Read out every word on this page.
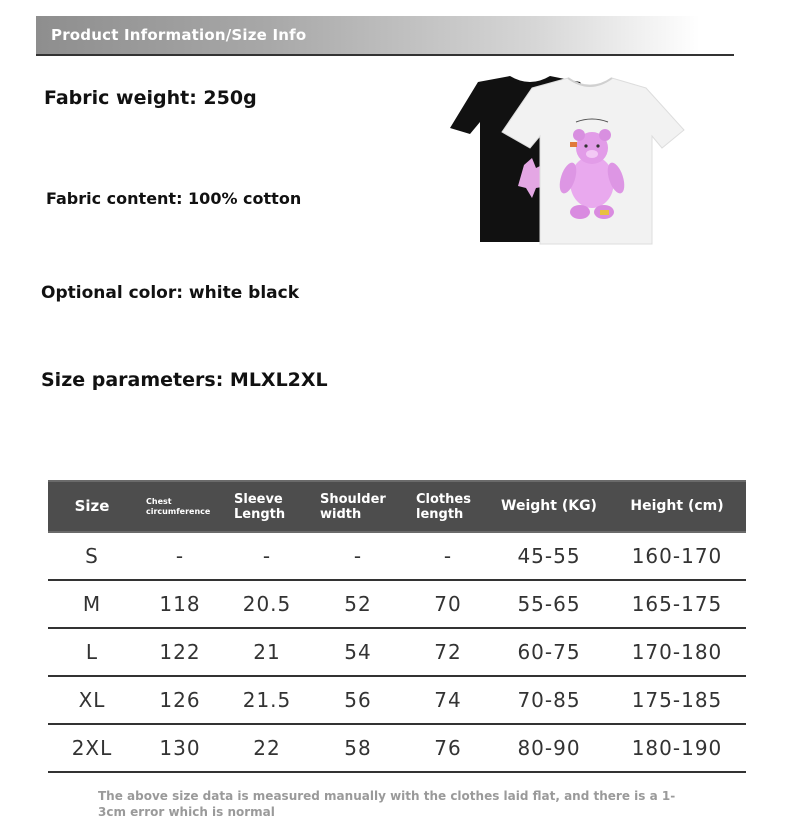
Product Information/Size Info
Fabric weight: 250g
Fabric content: 100% cotton
Optional color: white black
Size parameters: MLXL2XL
Size	Chest circumference	Sleeve Length	Shoulder width	Clothes length	Weight (KG)	Height (cm)
S	-	-	-	-	45-55	160-170
M	118	20.5	52	70	55-65	165-175
L	122	21	54	72	60-75	170-180
XL	126	21.5	56	74	70-85	175-185
2XL	130	22	58	76	80-90	180-190
The above size data is measured manually with the clothes laid flat, and there is a 1-3cm error which is normal
